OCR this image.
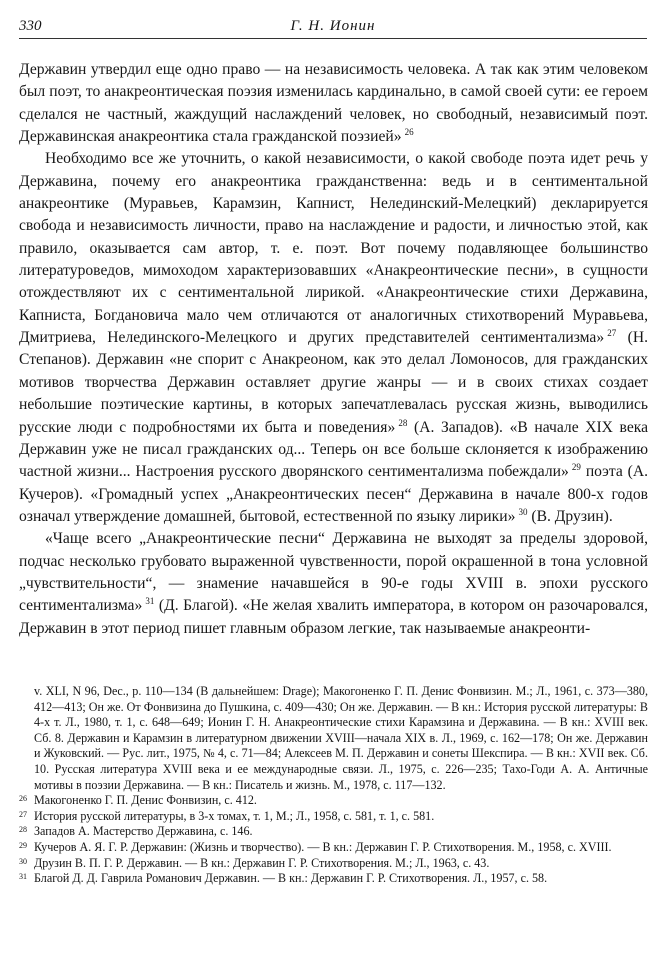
330	Г. Н. Ионин

Державин утвердил еще одно право — на независимость человека. А так как этим человеком был поэт, то анакреонтическая поэзия изменилась кардинально, в самой своей сути: ее героем сделался не частный, жаждущий наслаждений человек, но свободный, независимый поэт. Державинская анакреонтика стала гражданской поэзией»  $^{26}$

Необходимо все же уточнить, о какой независимости, о какой свободе поэта идет речь у Державина, почему его анакреонтика гражданственна: ведь и в сентиментальной анакреонтике (Муравьев, Карамзин, Капнист, Нелединский-Мелецкий) декларируется свобода и независимость личности, право на наслаждение и радости, и личностью этой, как правило, оказывается сам автор, т. е. поэт. Вот почему подавляющее большинство литературоведов, мимоходом характеризовавших «Анакреонтические песни», в сущности отождествляют их с сентиментальной лирикой. «Анакреонтические стихи Державина, Капниста, Богдановича мало чем отличаются от аналогичных стихотворений Муравьева, Дмитриева, Нелединского-Мелецкого и других представителей сентиментализма»  $^{27}$ (Н. Степанов). Державин «не спорит с Анакреоном, как это делал Ломоносов, для гражданских мотивов творчества Державин оставляет другие жанры — и в своих стихах создает небольшие поэтические картины, в которых запечатлевалась русская жизнь, выводились русские люди с подробностями их быта и поведения»  $^{28}$ (А. Западов). «В начале XIX века Державин уже не писал гражданских од... Теперь он все больше склоняется к изображению частной жизни... Настроения русского дворянского сентиментализма побеждали»  $^{29}$ поэта (А. Кучеров). «Громадный успех „Анакреонтических песен“ Державина в начале 800-х годов означал утверждение домашней, бытовой, естественной по языку лирики»  $^{30}$ (В. Друзин).

«Чаще всего „Анакреонтические песни“ Державина не выходят за пределы здоровой, подчас несколько грубовато выраженной чувственности, порой окрашенной в тона условной „чувствительности“, — знамение начавшейся в 90-е годы XVIII в. эпохи русского сентиментализма»  $^{31}$ (Д. Благой). «Не желая хвалить императора, в котором он разочаровался, Державин в этот период пишет главным образом легкие, так называемые анакреонти-

v. XLI, N 96, Dec., p. 110—134 (В дальнейшем: Drage); Макогоненко Г. П. Денис Фонвизин. М.; Л., 1961, с. 373—380, 412—413; Он же. От Фонвизина до Пушкина, с. 409—430; Он же. Державин. — В кн.: История русской литературы: В 4-х т. Л., 1980, т. 1, с. 648—649; Ионин Г. Н. Анакреонтические стихи Карамзина и Державина. — В кн.: XVIII век. Сб. 8. Державин и Карамзин в литературном движении XVIII—начала XIX в. Л., 1969, с. 162—178; Он же. Державин и Жуковский. — Рус. лит., 1975, № 4, с. 71—84; Алексеев М. П. Державин и сонеты Шекспира. — В кн.: XVII век. Сб. 10. Русская литература XVIII века и ее международные связи. Л., 1975, с. 226—235; Тахо-Годи А. А. Античные мотивы в поэзии Державина. — В кн.: Писатель и жизнь. М., 1978, с. 117—132.
26 Макогоненко Г. П. Денис Фонвизин, с. 412.
27 История русской литературы, в 3-х томах, т. 1, М.; Л., 1958, с. 581, т. 1, с. 581.
28 Западов А. Мастерство Державина, с. 146.
29 Кучеров А. Я. Г. Р. Державин: (Жизнь и творчество). — В кн.: Державин Г. Р. Стихотворения. М., 1958, с. XVIII.
30 Друзин В. П. Г. Р. Державин. — В кн.: Державин Г. Р. Стихотворения. М.; Л., 1963, с. 43.
31 Благой Д. Д. Гаврила Романович Державин. — В кн.: Державин Г. Р. Стихотворения. Л., 1957, с. 58.
